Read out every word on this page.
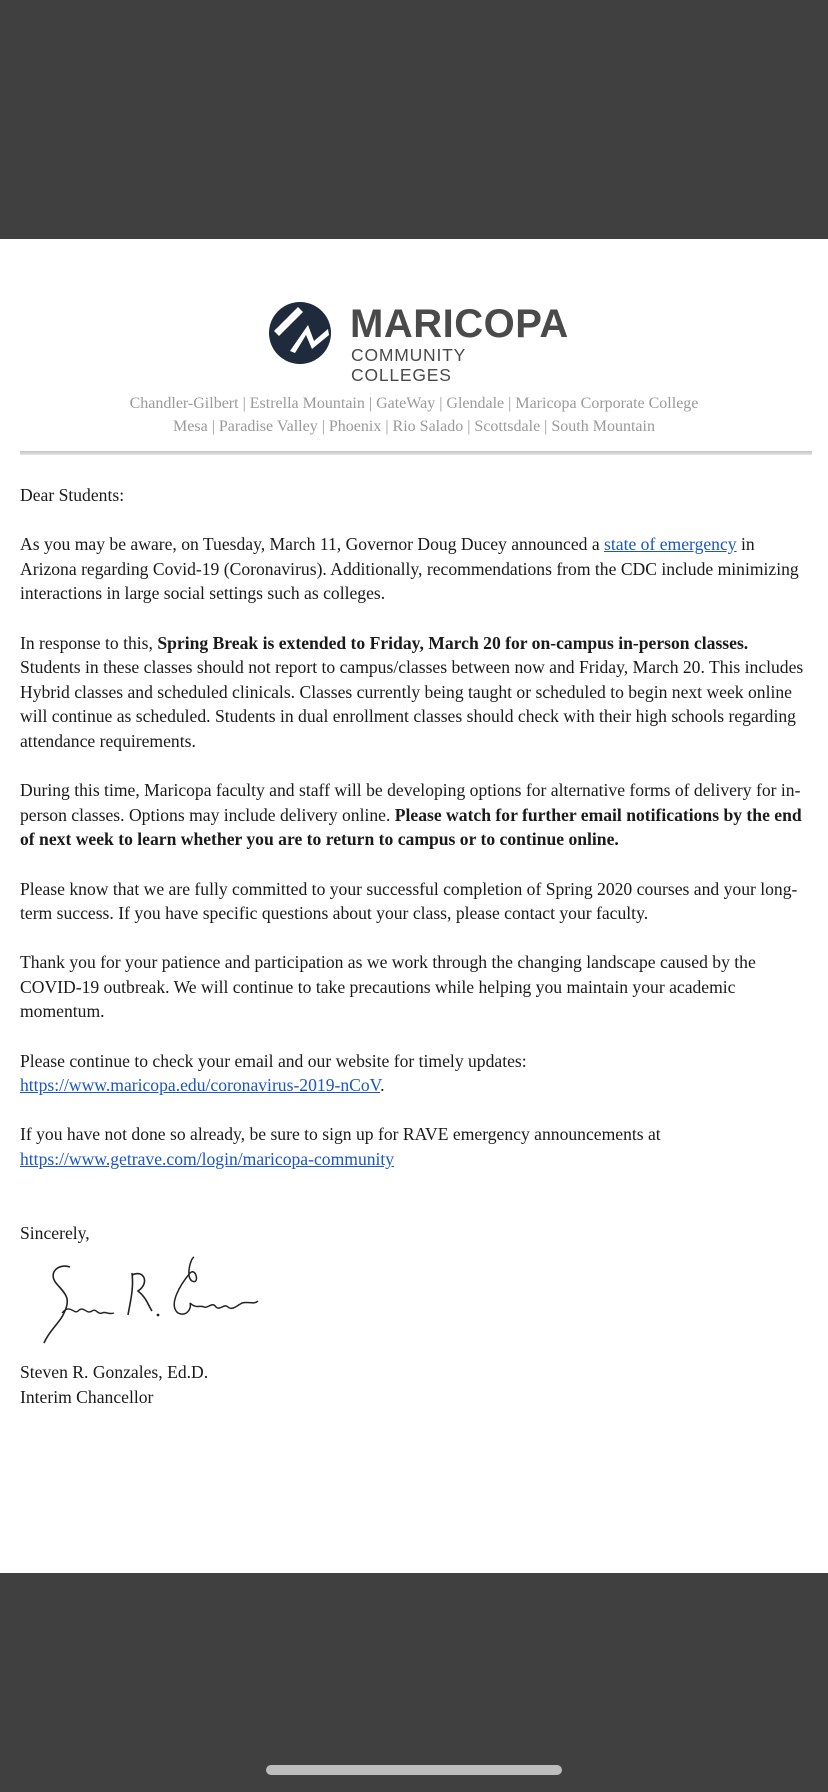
MARICOPA
COMMUNITY COLLEGES
Chandler-Gilbert | Estrella Mountain | GateWay | Glendale | Maricopa Corporate College
Mesa | Paradise Valley | Phoenix | Rio Salado | Scottsdale | South Mountain

Dear Students:

As you may be aware, on Tuesday, March 11, Governor Doug Ducey announced a state of emergency in Arizona regarding Covid-19 (Coronavirus). Additionally, recommendations from the CDC include minimizing interactions in large social settings such as colleges.

In response to this, Spring Break is extended to Friday, March 20 for on-campus in-person classes. Students in these classes should not report to campus/classes between now and Friday, March 20. This includes Hybrid classes and scheduled clinicals. Classes currently being taught or scheduled to begin next week online will continue as scheduled. Students in dual enrollment classes should check with their high schools regarding attendance requirements.

During this time, Maricopa faculty and staff will be developing options for alternative forms of delivery for in-person classes. Options may include delivery online. Please watch for further email notifications by the end of next week to learn whether you are to return to campus or to continue online.

Please know that we are fully committed to your successful completion of Spring 2020 courses and your long-term success. If you have specific questions about your class, please contact your faculty.

Thank you for your patience and participation as we work through the changing landscape caused by the COVID-19 outbreak. We will continue to take precautions while helping you maintain your academic momentum.

Please continue to check your email and our website for timely updates:
https://www.maricopa.edu/coronavirus-2019-nCoV.

If you have not done so already, be sure to sign up for RAVE emergency announcements at
https://www.getrave.com/login/maricopa-community

Sincerely,

Steven R. Gonzales, Ed.D.
Interim Chancellor
